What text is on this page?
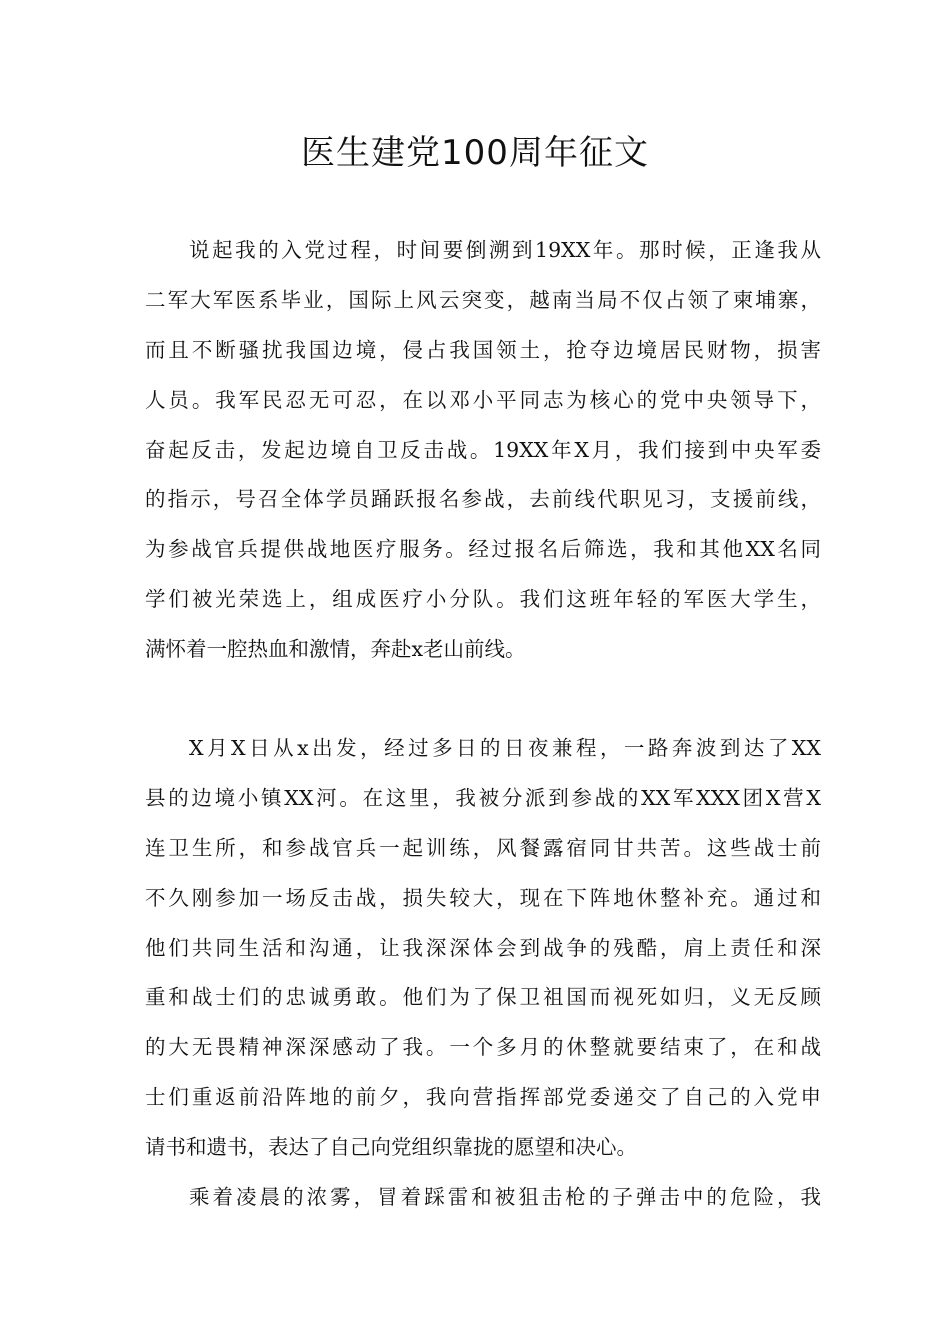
医生建党100周年征文
说起我的入党过程，时间要倒溯到19XX年。那时候，正逢我从
二军大军医系毕业，国际上风云突变，越南当局不仅占领了柬埔寨，
而且不断骚扰我国边境，侵占我国领土，抢夺边境居民财物，损害
人员。我军民忍无可忍，在以邓小平同志为核心的党中央领导下，
奋起反击，发起边境自卫反击战。19XX年X月，我们接到中央军委
的指示，号召全体学员踊跃报名参战，去前线代职见习，支援前线，
为参战官兵提供战地医疗服务。经过报名后筛选，我和其他XX名同
学们被光荣选上，组成医疗小分队。我们这班年轻的军医大学生，
满怀着一腔热血和激情，奔赴x老山前线。
X月X日从x出发，经过多日的日夜兼程，一路奔波到达了XX
县的边境小镇XX河。在这里，我被分派到参战的XX军XXX团X营X
连卫生所，和参战官兵一起训练，风餐露宿同甘共苦。这些战士前
不久刚参加一场反击战，损失较大，现在下阵地休整补充。通过和
他们共同生活和沟通，让我深深体会到战争的残酷，肩上责任和深
重和战士们的忠诚勇敢。他们为了保卫祖国而视死如归，义无反顾
的大无畏精神深深感动了我。一个多月的休整就要结束了，在和战
士们重返前沿阵地的前夕，我向营指挥部党委递交了自己的入党申
请书和遗书，表达了自己向党组织靠拢的愿望和决心。
乘着凌晨的浓雾，冒着踩雷和被狙击枪的子弹击中的危险，我
